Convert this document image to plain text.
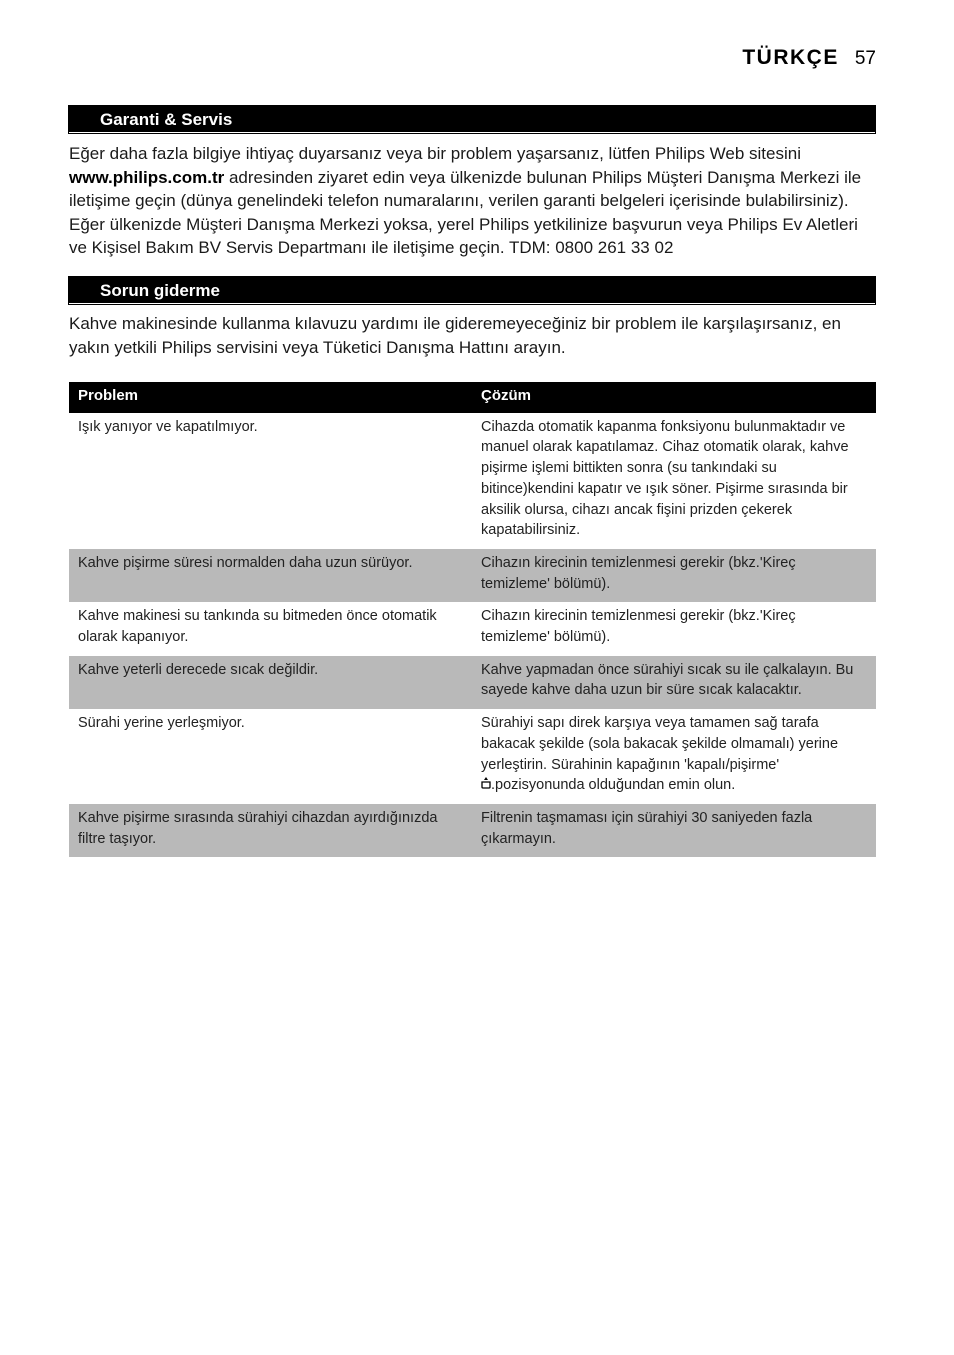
TÜRKÇE 57
Garanti & Servis
Eğer daha fazla bilgiye ihtiyaç duyarsanız veya bir problem yaşarsanız, lütfen Philips Web sitesini www.philips.com.tr adresinden ziyaret edin veya ülkenizde bulunan Philips Müşteri Danışma Merkezi ile iletişime geçin (dünya genelindeki telefon numaralarını, verilen garanti belgeleri içerisinde bulabilirsiniz). Eğer ülkenizde Müşteri Danışma Merkezi yoksa, yerel Philips yetkilinize başvurun veya Philips Ev Aletleri ve Kişisel Bakım BV Servis Departmanı ile iletişime geçin. TDM: 0800 261 33 02
Sorun giderme
Kahve makinesinde kullanma kılavuzu yardımı ile gideremeyeceğiniz bir problem ile karşılaşırsanız, en yakın yetkili Philips servisini veya Tüketici Danışma Hattını arayın.
Problem	Çözüm
Işık yanıyor ve kapatılmıyor.	Cihazda otomatik kapanma fonksiyonu bulunmaktadır ve manuel olarak kapatılamaz. Cihaz otomatik olarak, kahve pişirme işlemi bittikten sonra (su tankındaki su bitince)kendini kapatır ve ışık söner. Pişirme sırasında bir aksilik olursa, cihazı ancak fişini prizden çekerek kapatabilirsiniz.
Kahve pişirme süresi normalden daha uzun sürüyor.	Cihazın kirecinin temizlenmesi gerekir (bkz.'Kireç temizleme' bölümü).
Kahve makinesi su tankında su bitmeden önce otomatik olarak kapanıyor.	Cihazın kirecinin temizlenmesi gerekir (bkz.'Kireç temizleme' bölümü).
Kahve yeterli derecede sıcak değildir.	Kahve yapmadan önce sürahiyi sıcak su ile çalkalayın. Bu sayede kahve daha uzun bir süre sıcak kalacaktır.
Sürahi yerine yerleşmiyor.	Sürahiyi sapı direk karşıya veya tamamen sağ tarafa bakacak şekilde (sola bakacak şekilde olmamalı) yerine yerleştirin. Sürahinin kapağının 'kapalı/pişirme'
.pozisyonunda olduğundan emin olun.
Kahve pişirme sırasında sürahiyi cihazdan ayırdığınızda filtre taşıyor.	Filtrenin taşmaması için sürahiyi 30 saniyeden fazla çıkarmayın.
